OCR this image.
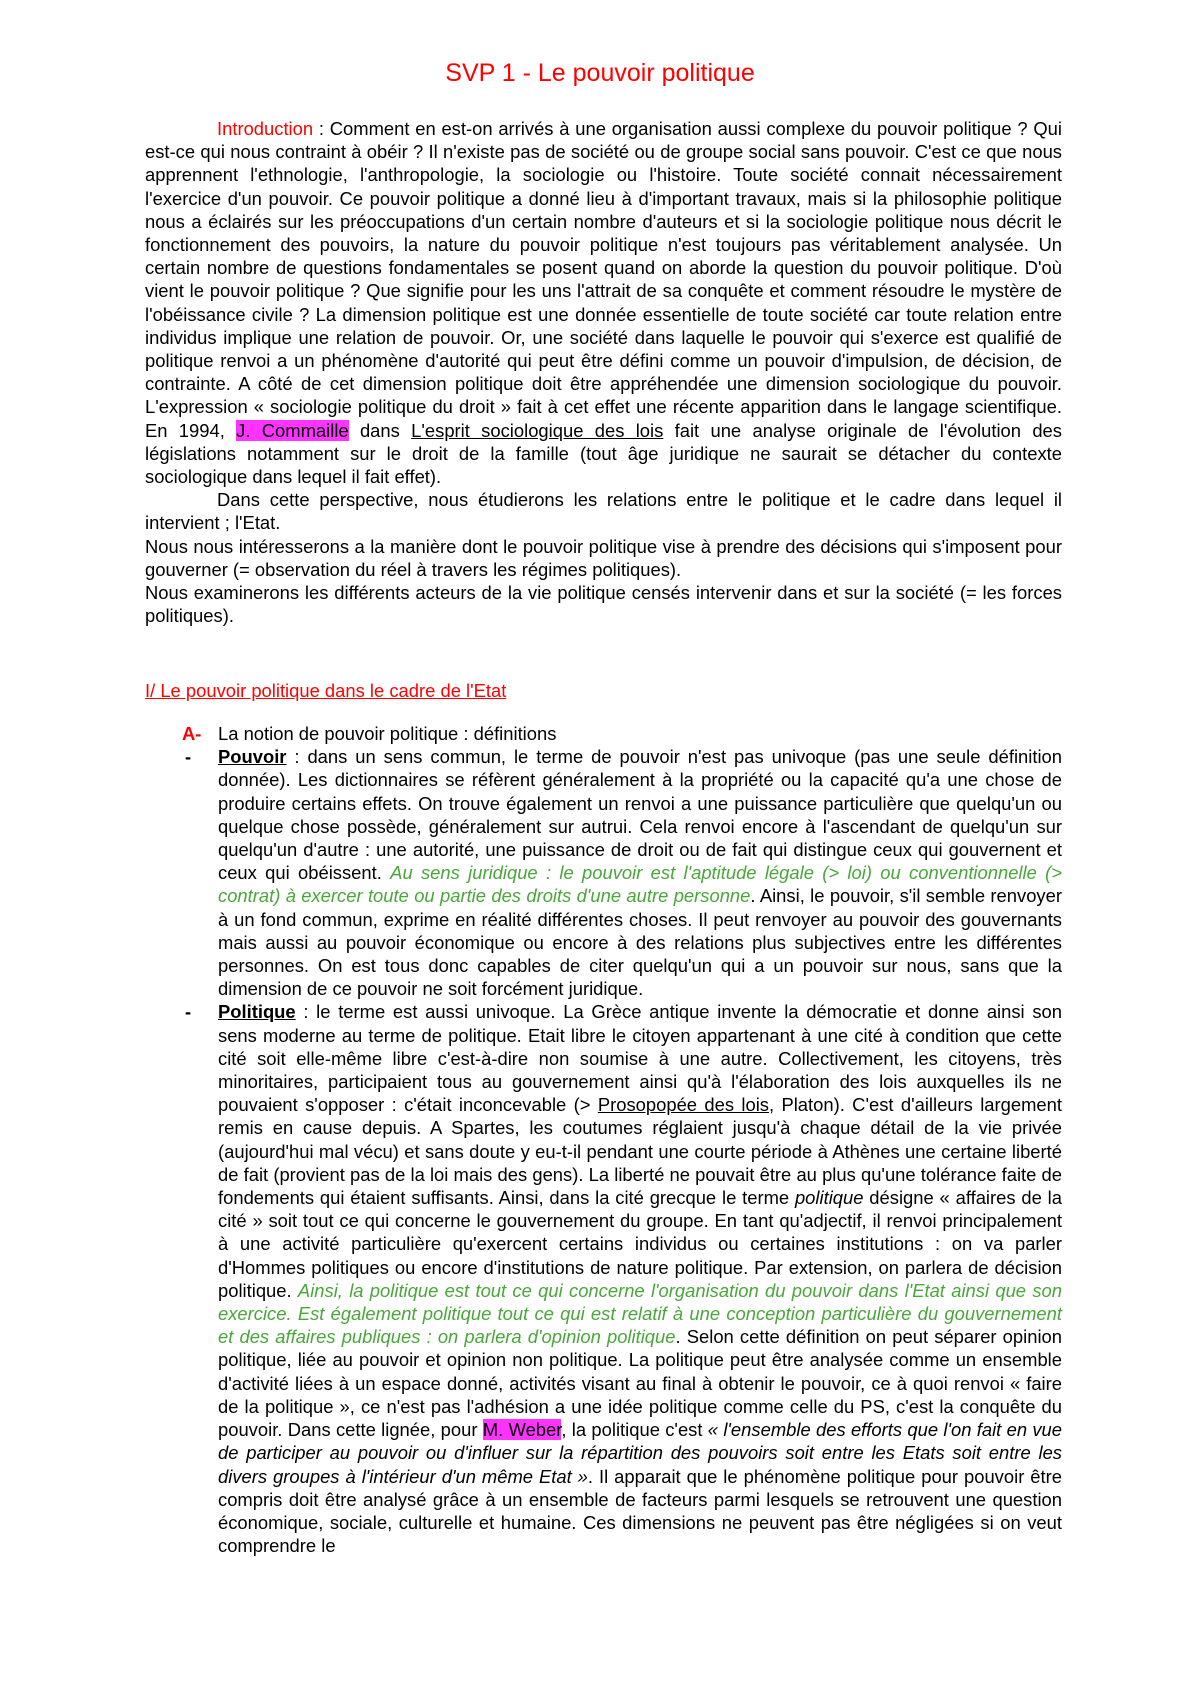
SVP 1 - Le pouvoir politique

Introduction : Comment en est-on arrivés à une organisation aussi complexe du pouvoir politique ? Qui est-ce qui nous contraint à obéir ? Il n'existe pas de société ou de groupe social sans pouvoir. C'est ce que nous apprennent l'ethnologie, l'anthropologie, la sociologie ou l'histoire. Toute société connait nécessairement l'exercice d'un pouvoir. Ce pouvoir politique a donné lieu à d'important travaux, mais si la philosophie politique nous a éclairés sur les préoccupations d'un certain nombre d'auteurs et si la sociologie politique nous décrit le fonctionnement des pouvoirs, la nature du pouvoir politique n'est toujours pas véritablement analysée. Un certain nombre de questions fondamentales se posent quand on aborde la question du pouvoir politique. D'où vient le pouvoir politique ? Que signifie pour les uns l'attrait de sa conquête et comment résoudre le mystère de l'obéissance civile ? La dimension politique est une donnée essentielle de toute société car toute relation entre individus implique une relation de pouvoir. Or, une société dans laquelle le pouvoir qui s'exerce est qualifié de politique renvoi a un phénomène d'autorité qui peut être défini comme un pouvoir d'impulsion, de décision, de contrainte. A côté de cet dimension politique doit être appréhendée une dimension sociologique du pouvoir. L'expression « sociologie politique du droit » fait à cet effet une récente apparition dans le langage scientifique. En 1994, J. Commaille dans L'esprit sociologique des lois fait une analyse originale de l'évolution des législations notamment sur le droit de la famille (tout âge juridique ne saurait se détacher du contexte sociologique dans lequel il fait effet).

Dans cette perspective, nous étudierons les relations entre le politique et le cadre dans lequel il intervient ; l'Etat.

Nous nous intéresserons a la manière dont le pouvoir politique vise à prendre des décisions qui s'imposent pour gouverner (= observation du réel à travers les régimes politiques).

Nous examinerons les différents acteurs de la vie politique censés intervenir dans et sur la société (= les forces politiques).

I/ Le pouvoir politique dans le cadre de l'Etat
A- La notion de pouvoir politique : définitions
- Pouvoir : dans un sens commun, le terme de pouvoir n'est pas univoque (pas une seule définition donnée). Les dictionnaires se réfèrent généralement à la propriété ou la capacité qu'a une chose de produire certains effets. On trouve également un renvoi a une puissance particulière que quelqu'un ou quelque chose possède, généralement sur autrui. Cela renvoi encore à l'ascendant de quelqu'un sur quelqu'un d'autre : une autorité, une puissance de droit ou de fait qui distingue ceux qui gouvernent et ceux qui obéissent. Au sens juridique : le pouvoir est l'aptitude légale (> loi) ou conventionnelle (> contrat) à exercer toute ou partie des droits d'une autre personne. Ainsi, le pouvoir, s'il semble renvoyer à un fond commun, exprime en réalité différentes choses. Il peut renvoyer au pouvoir des gouvernants mais aussi au pouvoir économique ou encore à des relations plus subjectives entre les différentes personnes. On est tous donc capables de citer quelqu'un qui a un pouvoir sur nous, sans que la dimension de ce pouvoir ne soit forcément juridique.
- Politique : le terme est aussi univoque. La Grèce antique invente la démocratie et donne ainsi son sens moderne au terme de politique. Etait libre le citoyen appartenant à une cité à condition que cette cité soit elle-même libre c'est-à-dire non soumise à une autre. Collectivement, les citoyens, très minoritaires, participaient tous au gouvernement ainsi qu'à l'élaboration des lois auxquelles ils ne pouvaient s'opposer : c'était inconcevable (> Prosopopée des lois, Platon). C'est d'ailleurs largement remis en cause depuis. A Spartes, les coutumes réglaient jusqu'à chaque détail de la vie privée (aujourd'hui mal vécu) et sans doute y eu-t-il pendant une courte période à Athènes une certaine liberté de fait (provient pas de la loi mais des gens). La liberté ne pouvait être au plus qu'une tolérance faite de fondements qui étaient suffisants. Ainsi, dans la cité grecque le terme politique désigne « affaires de la cité » soit tout ce qui concerne le gouvernement du groupe. En tant qu'adjectif, il renvoi principalement à une activité particulière qu'exercent certains individus ou certaines institutions : on va parler d'Hommes politiques ou encore d'institutions de nature politique. Par extension, on parlera de décision politique. Ainsi, la politique est tout ce qui concerne l'organisation du pouvoir dans l'Etat ainsi que son exercice. Est également politique tout ce qui est relatif à une conception particulière du gouvernement et des affaires publiques : on parlera d'opinion politique. Selon cette définition on peut séparer opinion politique, liée au pouvoir et opinion non politique. La politique peut être analysée comme un ensemble d'activité liées à un espace donné, activités visant au final à obtenir le pouvoir, ce à quoi renvoi « faire de la politique », ce n'est pas l'adhésion a une idée politique comme celle du PS, c'est la conquête du pouvoir. Dans cette lignée, pour M. Weber, la politique c'est « l'ensemble des efforts que l'on fait en vue de participer au pouvoir ou d'influer sur la répartition des pouvoirs soit entre les Etats soit entre les divers groupes à l'intérieur d'un même Etat ». Il apparait que le phénomène politique pour pouvoir être compris doit être analysé grâce à un ensemble de facteurs parmi lesquels se retrouvent une question économique, sociale, culturelle et humaine. Ces dimensions ne peuvent pas être négligées si on veut comprendre le
